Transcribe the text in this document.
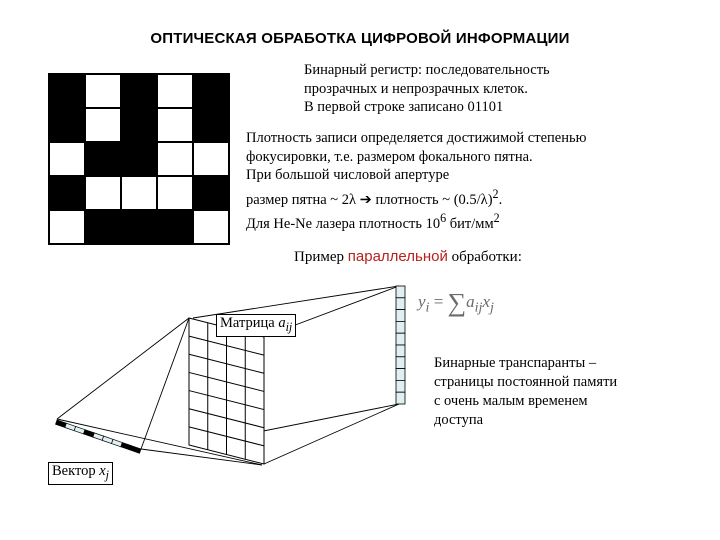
ОПТИЧЕСКАЯ ОБРАБОТКА ЦИФРОВОЙ ИНФОРМАЦИИ
Бинарный регистр: последовательность
прозрачных и непрозрачных клеток.
В первой строке записано 01101
Плотность записи определяется достижимой степенью
фокусировки, т.е. размером фокального пятна.
При большой числовой апертуре
размер пятна ~ 2λ ➔ плотность ~ $(0.5/\lambda)^2$.
Для He-Ne лазера плотность $10^6$ бит/$мм^2$
Пример параллельной обработки:
Матрица $a_{ij}$
Вектор $x_j$
$y_i = \sum a_{ij}x_j$
Бинарные транспаранты –
страницы постоянной памяти
с очень малым временем
доступа
